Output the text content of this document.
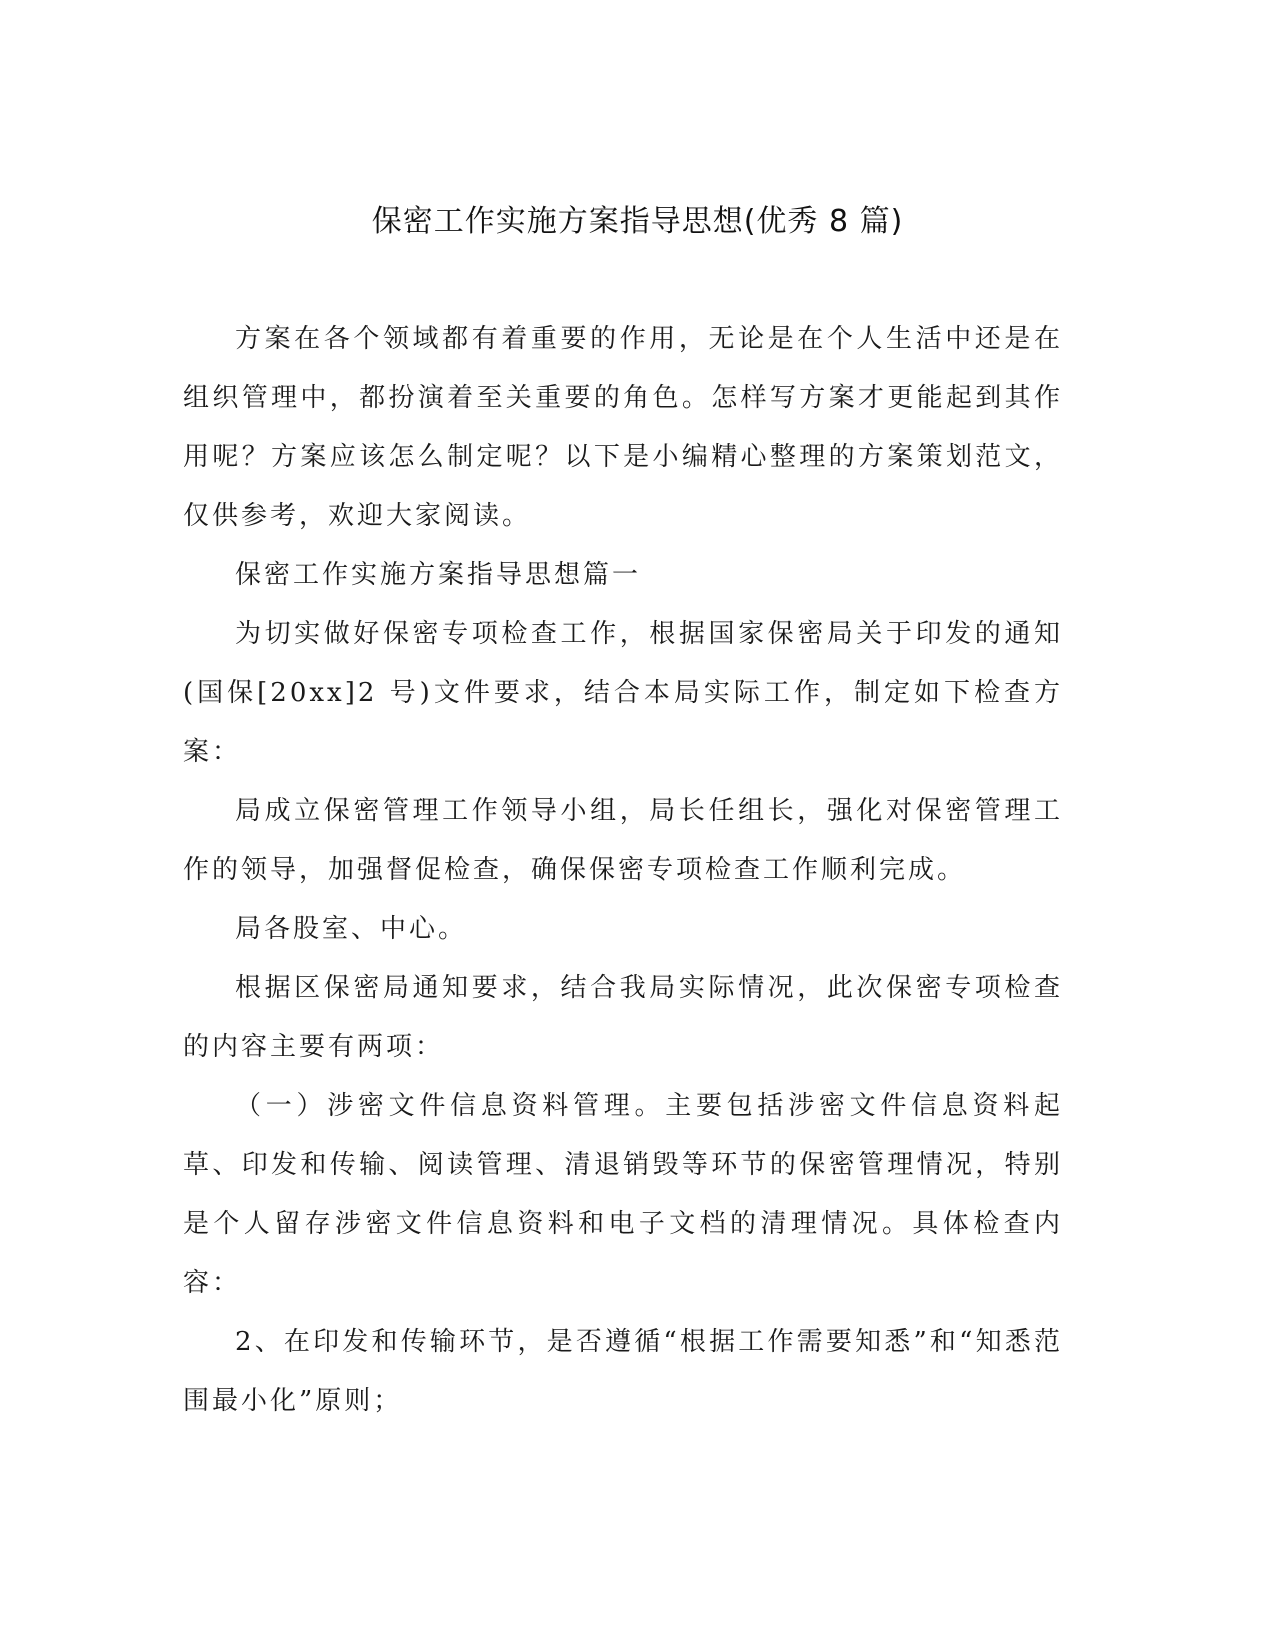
保密工作实施方案指导思想(优秀 8 篇)

方案在各个领域都有着重要的作用，无论是在个人生活中还是在组织管理中，都扮演着至关重要的角色。怎样写方案才更能起到其作用呢？方案应该怎么制定呢？以下是小编精心整理的方案策划范文，仅供参考，欢迎大家阅读。

保密工作实施方案指导思想篇一

为切实做好保密专项检查工作，根据国家保密局关于印发的通知(国保[20xx]2 号)文件要求，结合本局实际工作，制定如下检查方案：

局成立保密管理工作领导小组，局长任组长，强化对保密管理工作的领导，加强督促检查，确保保密专项检查工作顺利完成。

局各股室、中心。

根据区保密局通知要求，结合我局实际情况，此次保密专项检查的内容主要有两项：

（一）涉密文件信息资料管理。主要包括涉密文件信息资料起草、印发和传输、阅读管理、清退销毁等环节的保密管理情况，特别是个人留存涉密文件信息资料和电子文档的清理情况。具体检查内容：

2、在印发和传输环节，是否遵循“根据工作需要知悉”和“知悉范围最小化”原则；
